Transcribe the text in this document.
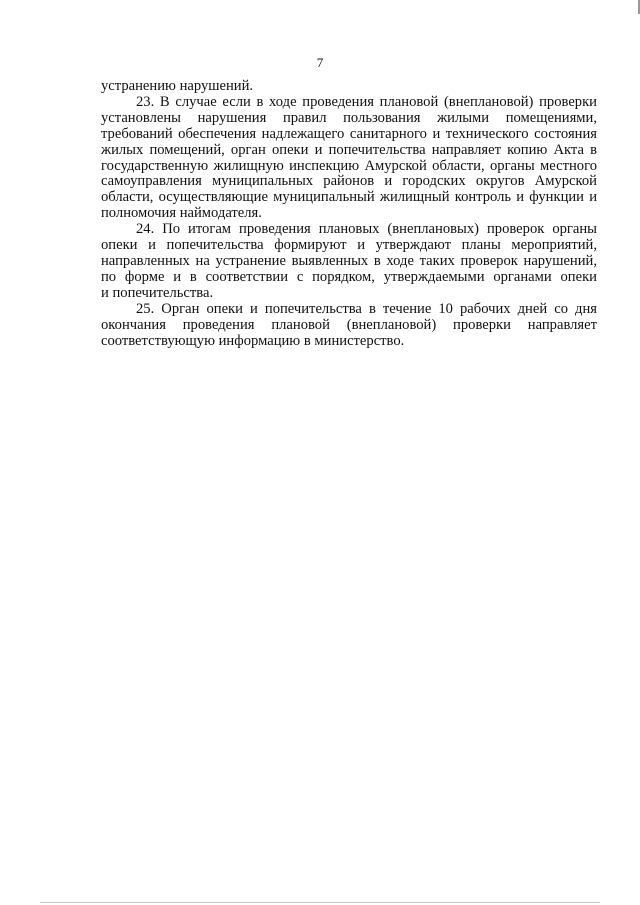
7
устранению нарушений.
23. В случае если в ходе проведения плановой (внеплановой) проверки
установлены нарушения правил пользования жилыми помещениями,
требований обеспечения надлежащего санитарного и технического состояния
жилых помещений, орган опеки и попечительства направляет копию Акта в
государственную жилищную инспекцию Амурской области, органы местного
самоуправления муниципальных районов и городских округов Амурской
области, осуществляющие муниципальный жилищный контроль и функции и
полномочия наймодателя.
24. По итогам проведения плановых (внеплановых) проверок органы
опеки и попечительства формируют и утверждают планы мероприятий,
направленных на устранение выявленных в ходе таких проверок нарушений,
по форме и в соответствии с порядком, утверждаемыми органами опеки
и попечительства.
25. Орган опеки и попечительства в течение 10 рабочих дней со дня
окончания проведения плановой (внеплановой) проверки направляет
соответствующую информацию в министерство.
